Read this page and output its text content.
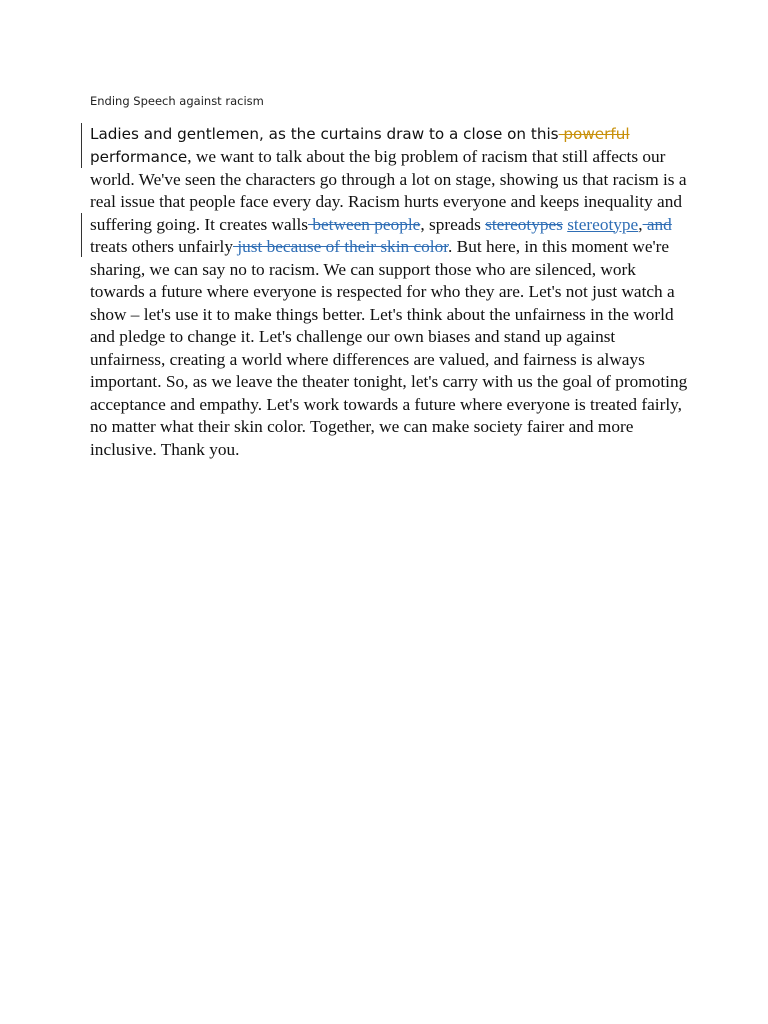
Ending Speech against racism

Ladies and gentlemen, as the curtains draw to a close on this powerful
performance, we want to talk about the big problem of racism that still affects our world. We've seen the characters go through a lot on stage, showing us that racism is a real issue that people face every day. Racism hurts everyone and keeps inequality and suffering going. It creates walls between people, spreads stereotypes stereotype, and treats others unfairly just because of their skin color. But here, in this moment we're sharing, we can say no to racism. We can support those who are silenced, work towards a future where everyone is respected for who they are. Let's not just watch a show – let's use it to make things better. Let's think about the unfairness in the world and pledge to change it. Let's challenge our own biases and stand up against unfairness, creating a world where differences are valued, and fairness is always important. So, as we leave the theater tonight, let's carry with us the goal of promoting acceptance and empathy. Let's work towards a future where everyone is treated fairly, no matter what their skin color. Together, we can make society fairer and more inclusive. Thank you.
